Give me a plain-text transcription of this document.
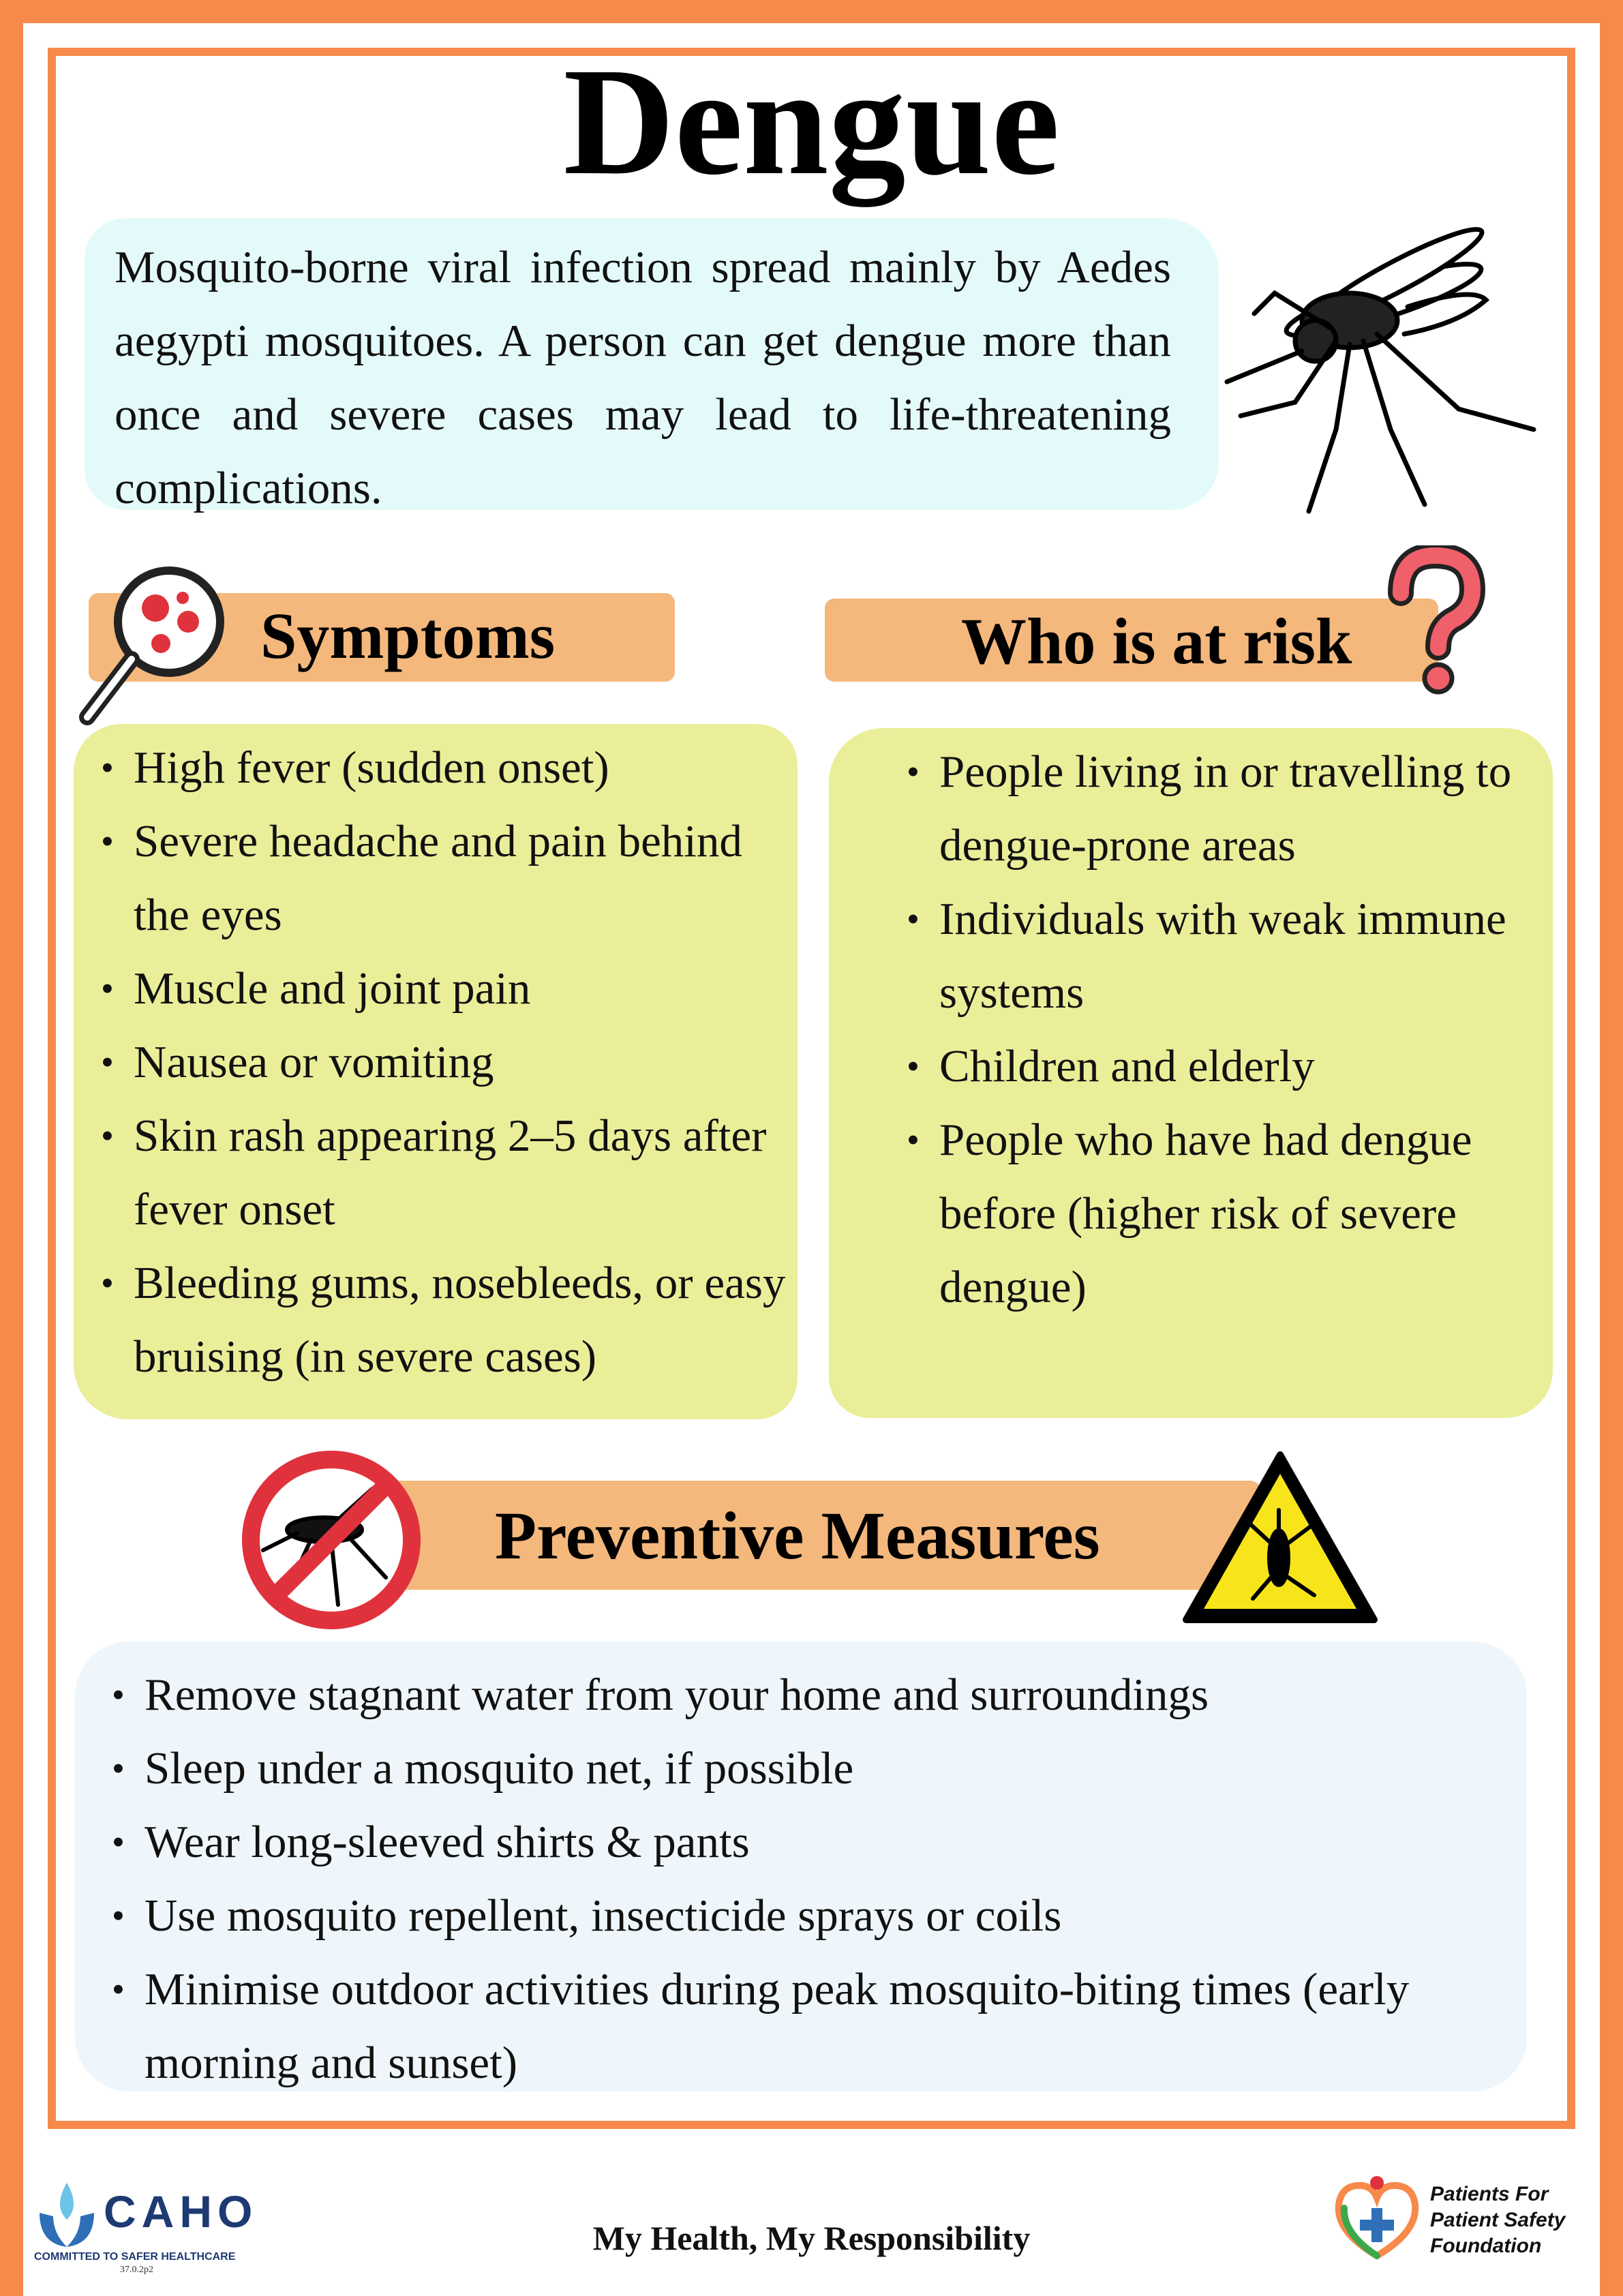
Dengue
Mosquito-borne viral infection spread mainly by Aedes aegypti mosquitoes. A person can get dengue more than once and severe cases may lead to life-threatening complications.
Symptoms	Who is at risk
• High fever (sudden onset)
• Severe headache and pain behind the eyes
• Muscle and joint pain
• Nausea or vomiting
• Skin rash appearing 2–5 days after fever onset
• Bleeding gums, nosebleeds, or easy bruising (in severe cases)
• People living in or travelling to dengue-prone areas
• Individuals with weak immune systems
• Children and elderly
• People who have had dengue before (higher risk of severe dengue)
Preventive Measures
• Remove stagnant water from your home and surroundings
• Sleep under a mosquito net, if possible
• Wear long-sleeved shirts & pants
• Use mosquito repellent, insecticide sprays or coils
• Minimise outdoor activities during peak mosquito-biting times (early morning and sunset)
CAHO
COMMITTED TO SAFER HEALTHCARE
37.0.2p2
My Health, My Responsibility
Patients For
Patient Safety
Foundation
